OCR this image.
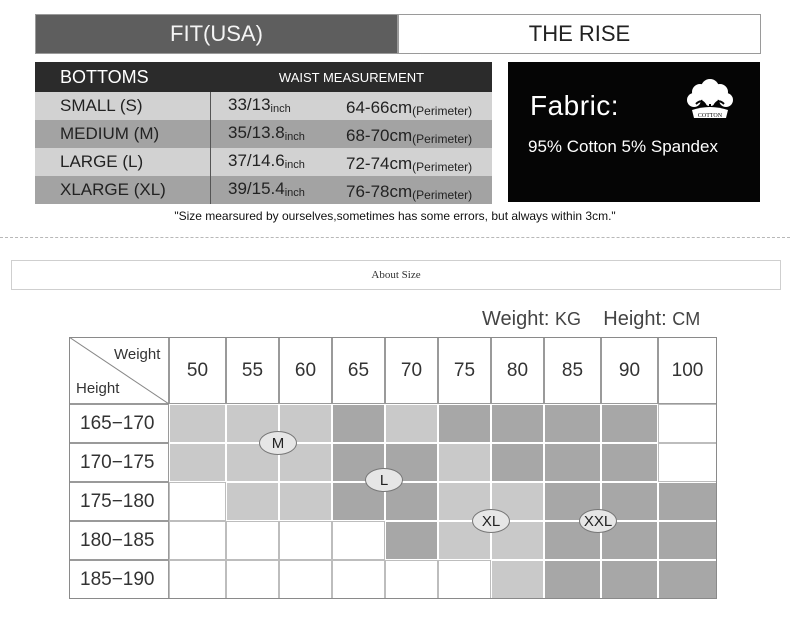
FIT(USA)	THE RISE
BOTTOMS	WAIST MEASUREMENT
SMALL (S)	33/13 inch	64-66cm (Perimeter)
MEDIUM (M)	35/13.8 inch 68-70cm (Perimeter)
LARGE (L)	37/14.6 inch 72-74cm (Perimeter)
XLARGE (XL)	39/15.4 inch 76-78cm (Perimeter)
Fabric:
95% Cotton 5% Spandex
COTTON
"Size mearsured by ourselves,sometimes has some errors, but always within 3cm."
About Size
Weight: KG Height: CM
Weight
Height
50	55	60	65	70	75	80	85	90	100
165−170
170−175
175−180
180−185
185−190
M
L
XL	XXL
